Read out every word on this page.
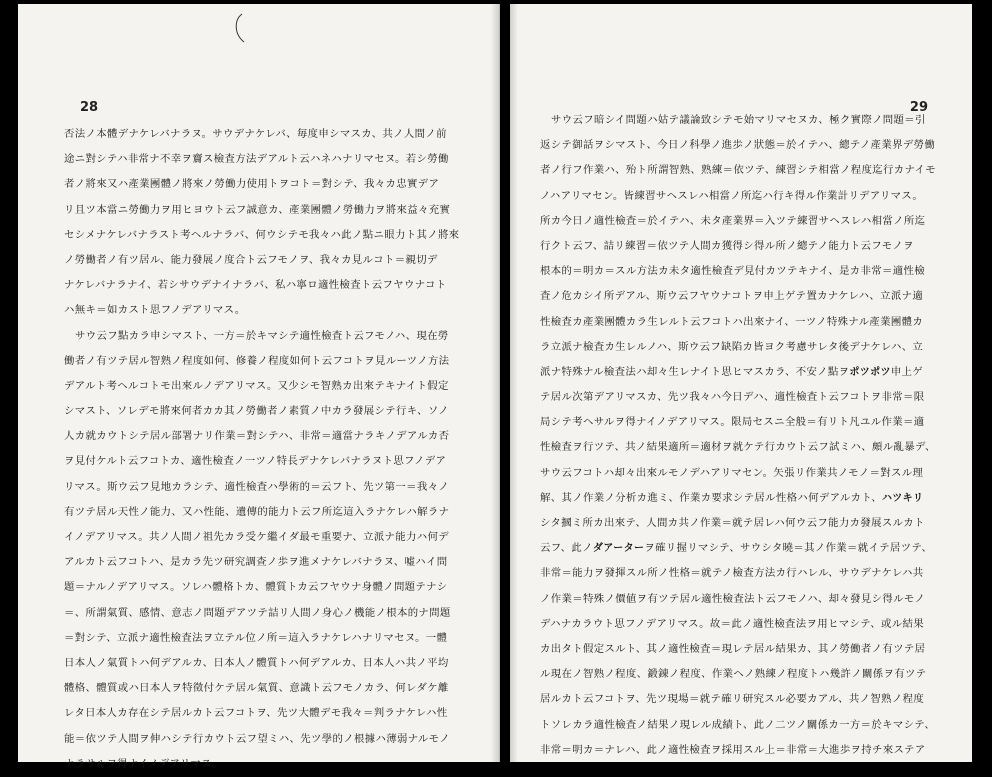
28
否法ノ本體デナケレバナラヌ。サウデナケレバ、毎度申シマスカ、共ノ人間ノ前
途ニ對シテハ非常ナ不幸ヲ齎ス檢査方法デアルト云ハネハナリマセヌ。若シ勞働
者ノ將來又ハ產業團體ノ將來ノ勞働力使用トヲコト＝對シテ、我々カ忠實デア
リ且ツ本當ニ勞働力ヲ用ヒヨウト云フ誠意カ、產業團體ノ勞働力ヲ將來益々充實
セシメナケレバナラスト考ヘルナラバ、何ウシテモ我々ハ此ノ點ニ眼力ト其ノ將來
ノ勞働者ノ有ツ居ル、能力發展ノ度合ト云フモノヲ、我々カ見ルコト＝親切デ
ナケレバナラナイ、若シサウデナイナラバ、私ハ寧ロ適性檢査ト云フヤウナコト
ハ無キ＝如カスト思フノデアリマス。
サウ云フ點カラ申シマスト、一方＝於キマシテ適性檢査ト云フモノハ、現在勞
働者ノ有ツテ居ル智熟ノ程度如何、修養ノ程度如何ト云フコトヲ見ルーツノ方法
デアルト考ヘルコトモ出來ルノデアリマス。又少シモ智熟カ出來テキナイト假定
シマスト、ソレデモ將來何者カカ其ノ勞働者ノ素質ノ中カラ發展シテ行キ、ソノ
人カ就カウトシテ居ル部署ナリ作業＝對シテハ、非常＝適當ナラキノデアルカ否
ヲ見付ケルト云フコトカ、適性檢査ノ一ツノ特長デナケレバナラヌト思フノデア
リマス。斯ウ云フ見地カラシテ、適性檢査ハ學術的＝云フト、先ツ第一＝我々ノ
有ツテ居ル天性ノ能力、又ハ性能、遺傳的能力ト云フ所迄這入ラナケレハ解ラナ
イノデアリマス。共ノ人間ノ祖先カラ受ケ繼イダ最モ重要ナ、立派ナ能力ハ何デ
アルカト云フコトハ、是カラ先ツ研究調查ノ歩ヲ進メナケレバナラヌ、嘘ハイ問
題＝ナルノデアリマス。ソレハ體格トカ、體質トカ云フヤウナ身體ノ問題テナシ
＝、所謂氣質、感情、意志ノ問題デアツテ詰リ人間ノ身心ノ機能ノ根本的ナ問題
＝對シテ、立派ナ適性檢査法ヲ立テル位ノ所＝這入ラナケレハナリマセヌ。一體
日本人ノ氣質トハ何デアルカ、日本人ノ體質トハ何デアルカ、日本人ハ共ノ平均
體格、體質或ハ日本人ヲ特徵付ケテ居ル氣質、意識ト云フモノカラ、何レダケ離
レタ日本人カ存在シテ居ルカト云フコトヲ、先ツ大體デモ我々＝判ラナケレハ性
能＝依ツテ人間ヲ伸ハシテ行カウト云フ望ミハ、先ツ學的ノ根據ハ薄弱ナルモノ
ナラサルヲ得ナイノデアリマス。
29
サウ云フ暗シイ問題ハ姑テ議論致シテモ始マリマセヌカ、極ク實際ノ問題＝引
返シテ御話ヲシマスト、今日ノ科學ノ進歩ノ狀態＝於イテハ、總テノ產業界デ勞働
者ノ行フ作業ハ、殆ト所謂智熟、熟練＝依ツテ、練習シテ相當ノ程度迄行カナイモ
ノハアリマセン。皆練習サヘスレハ相當ノ所迄ハ行キ得ル作業計リデアリマス。
所カ今日ノ適性檢査＝於イテハ、未タ產業界＝入ツテ練習サヘスレハ相當ノ所迄
行クト云フ、詰リ練習＝依ツテ人間カ獲得シ得ル所ノ總テノ能力ト云フモノヲ
根本的＝明カ＝スル方法カ未タ適性檢査デ見付カツテキナイ、是カ非常＝適性檢
査ノ危カシイ所デアル、斯ウ云フヤウナコトヲ申上ゲテ置カナケレハ、立派ナ適
性檢査カ產業團體カラ生レルト云フコトハ出來ナイ、一ツノ特殊ナル產業團體カ
ラ立派ナ檢査カ生レルノハ、斯ウ云フ缺陷カ皆ヨク考慮サレタ後デナケレハ、立
派ナ特殊ナル檢査法ハ却々生レナイト思ヒマスカラ、不安ノ點ヲポツポツ申上ゲ
テ居ル次第デアリマスカ、先ツ我々ハ今日デハ、適性檢査ト云フコトヲ非常＝限
局シテ考ヘサルヲ得ナイノデアリマス。限局セスニ全般＝有リト凡ユル作業＝適
性檢査ヲ行ツテ、共ノ結果適所＝適材ヲ就ケテ行カウト云フ試ミハ、頗ル亂暴デ、
サウ云フコトハ却々出來ルモノデハアリマセン。矢張リ作業共ノモノ＝對スル理
解、其ノ作業ノ分析カ進ミ、作業カ要求シテ居ル性格ハ何デアルカト、ハツキリ
シタ摑ミ所カ出來テ、人間カ共ノ作業＝就テ居レハ何ウ云フ能力カ發展スルカト
云フ、此ノダアーターヲ確リ握リマシテ、サウシタ曉＝其ノ作業＝就イテ居ツテ、
非常＝能力ヲ發揮スル所ノ性格＝就テノ檢査方法カ行ハレル、サウデナケレハ共
ノ作業＝特殊ノ價値ヲ有ツテ居ル適性檢査法ト云フモノハ、却々發見シ得ルモノ
デハナカラウト思フノデアリマス。故＝此ノ適性檢査法ヲ用ヒマシテ、或ル結果
カ出タト假定スルト、其ノ適性檢査＝現レテ居ル結果カ、其ノ勞働者ノ有ツテ居
ル現在ノ智熟ノ程度、鍛錬ノ程度、作業ヘノ熟練ノ程度トハ幾許ノ關係ヲ有ツテ
居ルカト云フコトヲ、先ツ現場＝就テ確リ研究スル必要カアル、共ノ智熟ノ程度
トソレカラ適性檢査ノ結果ノ現レル成績ト、此ノ二ツノ關係カ一方＝於キマシテ、
非常＝明カ＝ナレハ、此ノ適性檢査ヲ採用スル上＝非常＝大進歩ヲ持チ來ステア
